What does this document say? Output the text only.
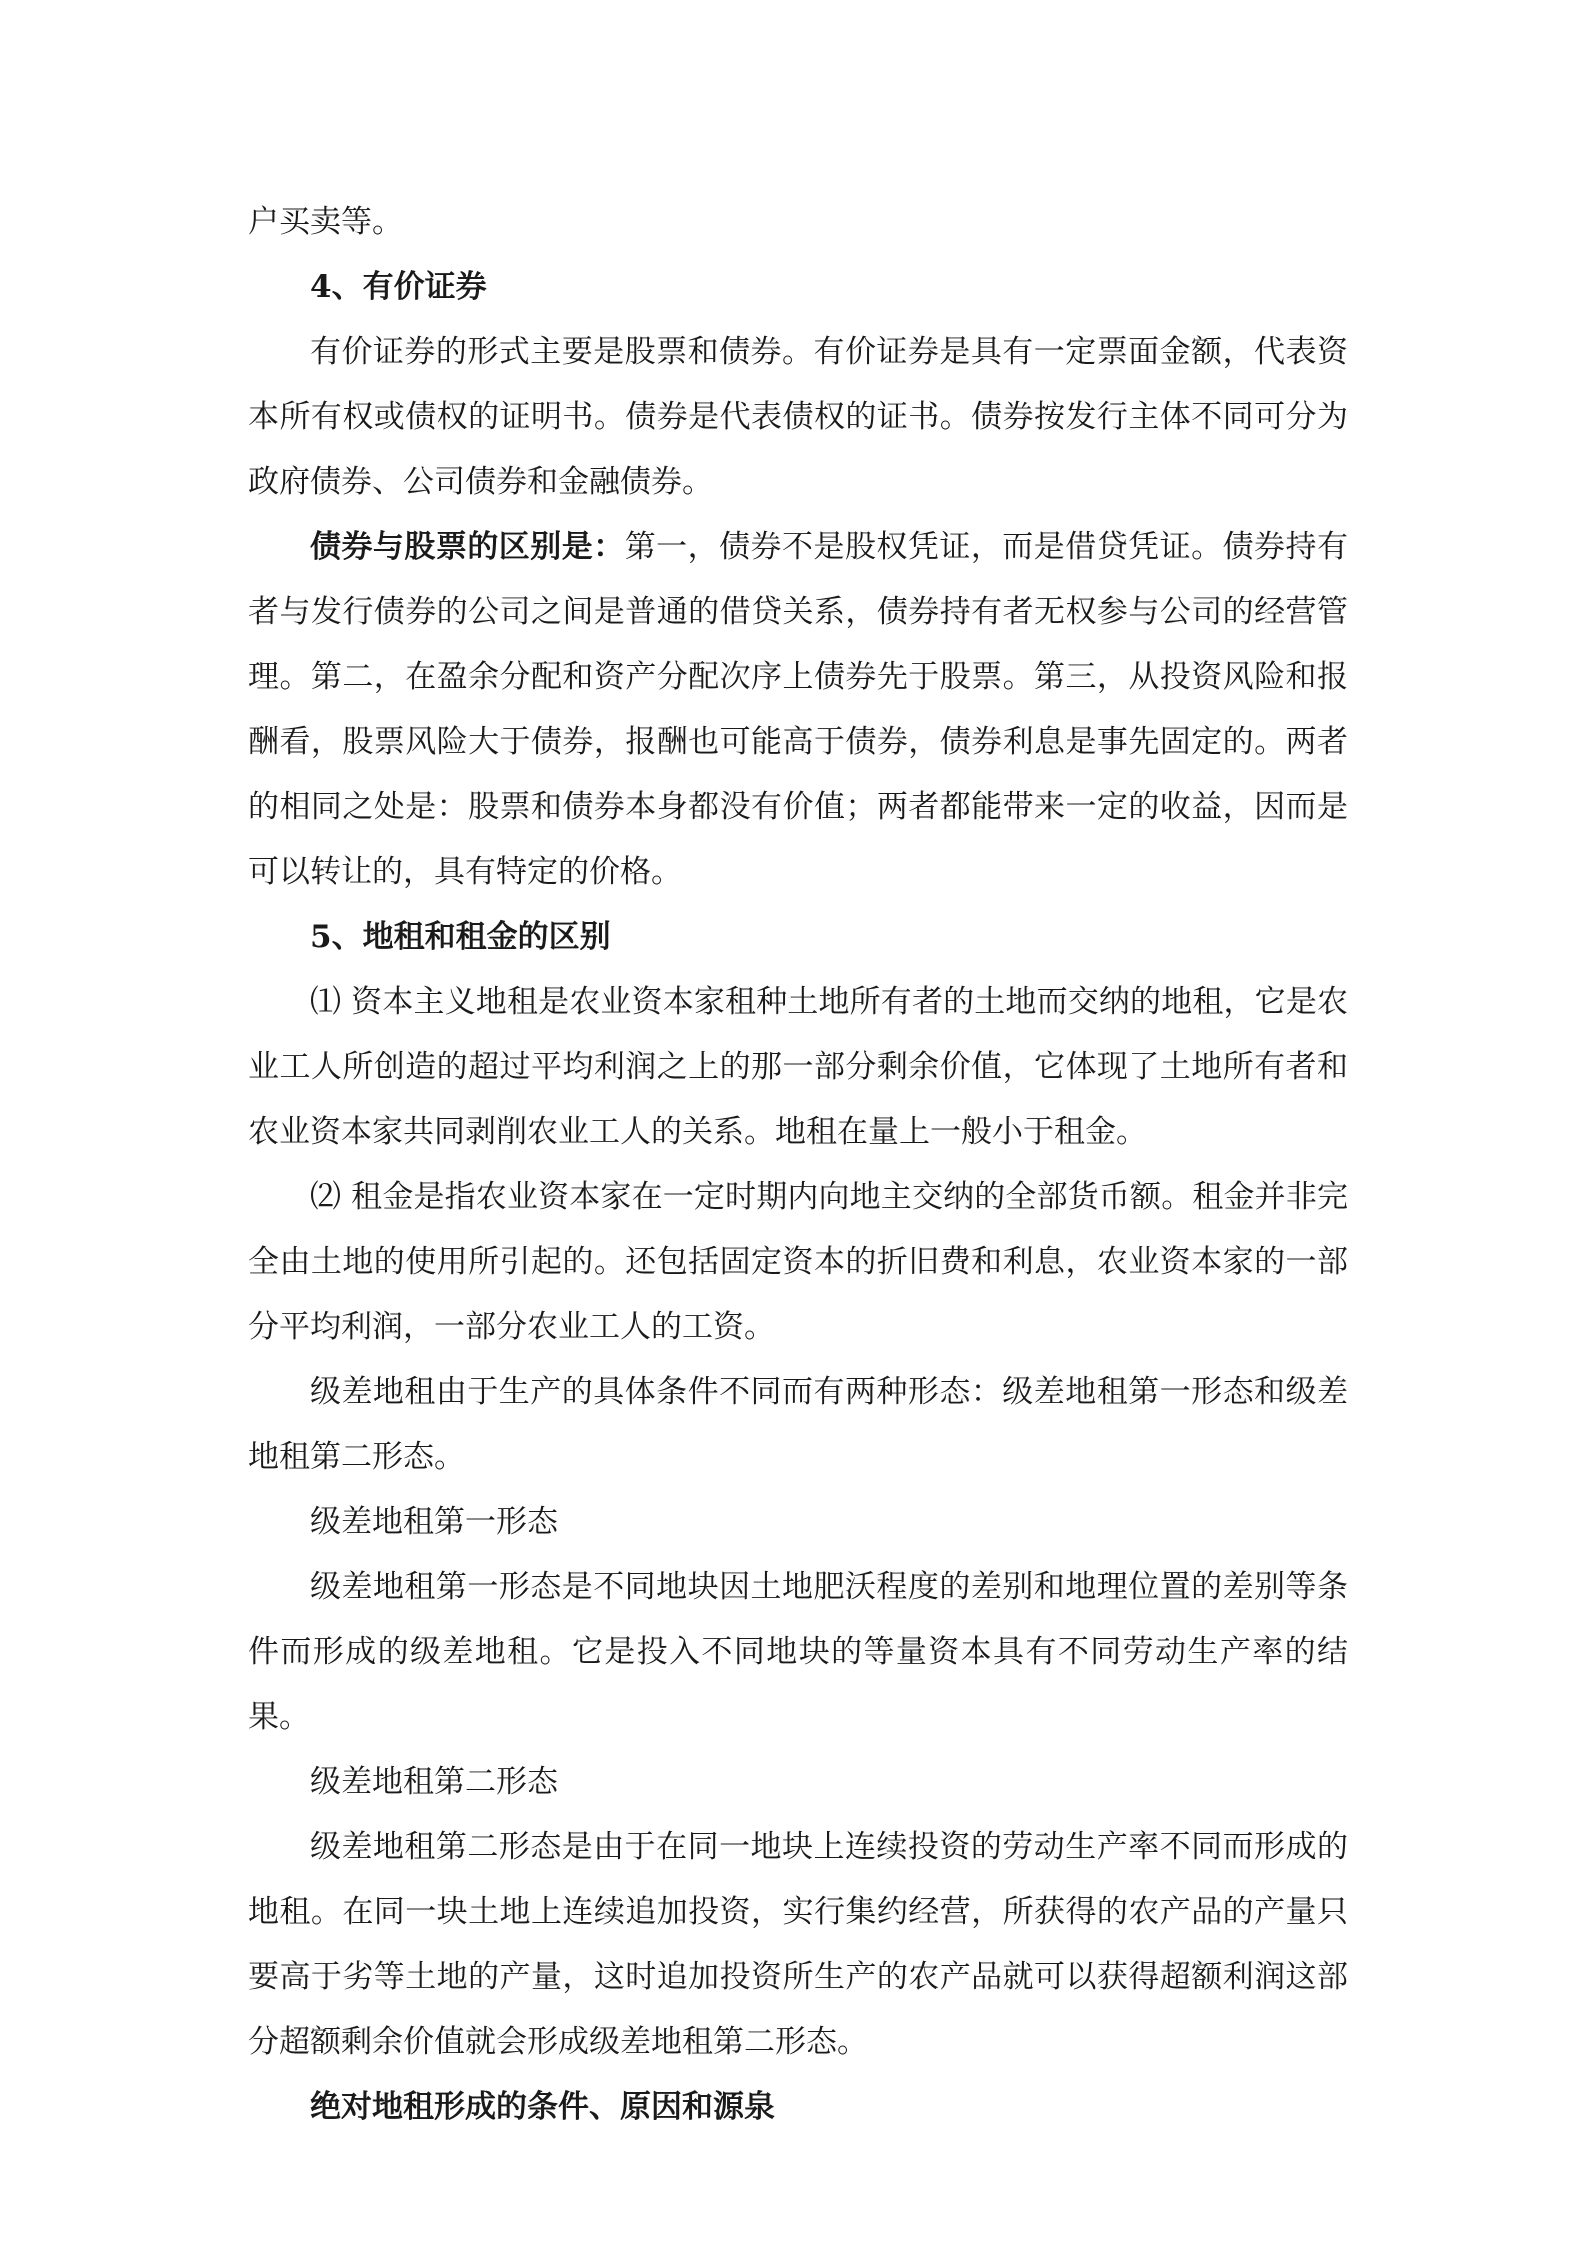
户买卖等。

4、有价证券

有价证券的形式主要是股票和债券。有价证券是具有一定票面金额，代表资本所有权或债权的证明书。债券是代表债权的证书。债券按发行主体不同可分为政府债券、公司债券和金融债券。

债券与股票的区别是：第一，债券不是股权凭证，而是借贷凭证。债券持有者与发行债券的公司之间是普通的借贷关系，债券持有者无权参与公司的经营管理。第二，在盈余分配和资产分配次序上债券先于股票。第三，从投资风险和报酬看，股票风险大于债券，报酬也可能高于债券，债券利息是事先固定的。两者的相同之处是：股票和债券本身都没有价值；两者都能带来一定的收益，因而是可以转让的，具有特定的价格。

5、地租和租金的区别

⑴ 资本主义地租是农业资本家租种土地所有者的土地而交纳的地租，它是农业工人所创造的超过平均利润之上的那一部分剩余价值，它体现了土地所有者和农业资本家共同剥削农业工人的关系。地租在量上一般小于租金。

⑵ 租金是指农业资本家在一定时期内向地主交纳的全部货币额。租金并非完全由土地的使用所引起的。还包括固定资本的折旧费和利息，农业资本家的一部分平均利润，一部分农业工人的工资。

级差地租由于生产的具体条件不同而有两种形态：级差地租第一形态和级差地租第二形态。

级差地租第一形态

级差地租第一形态是不同地块因土地肥沃程度的差别和地理位置的差别等条件而形成的级差地租。它是投入不同地块的等量资本具有不同劳动生产率的结果。

级差地租第二形态

级差地租第二形态是由于在同一地块上连续投资的劳动生产率不同而形成的地租。在同一块土地上连续追加投资，实行集约经营，所获得的农产品的产量只要高于劣等土地的产量，这时追加投资所生产的农产品就可以获得超额利润这部分超额剩余价值就会形成级差地租第二形态。

绝对地租形成的条件、原因和源泉
